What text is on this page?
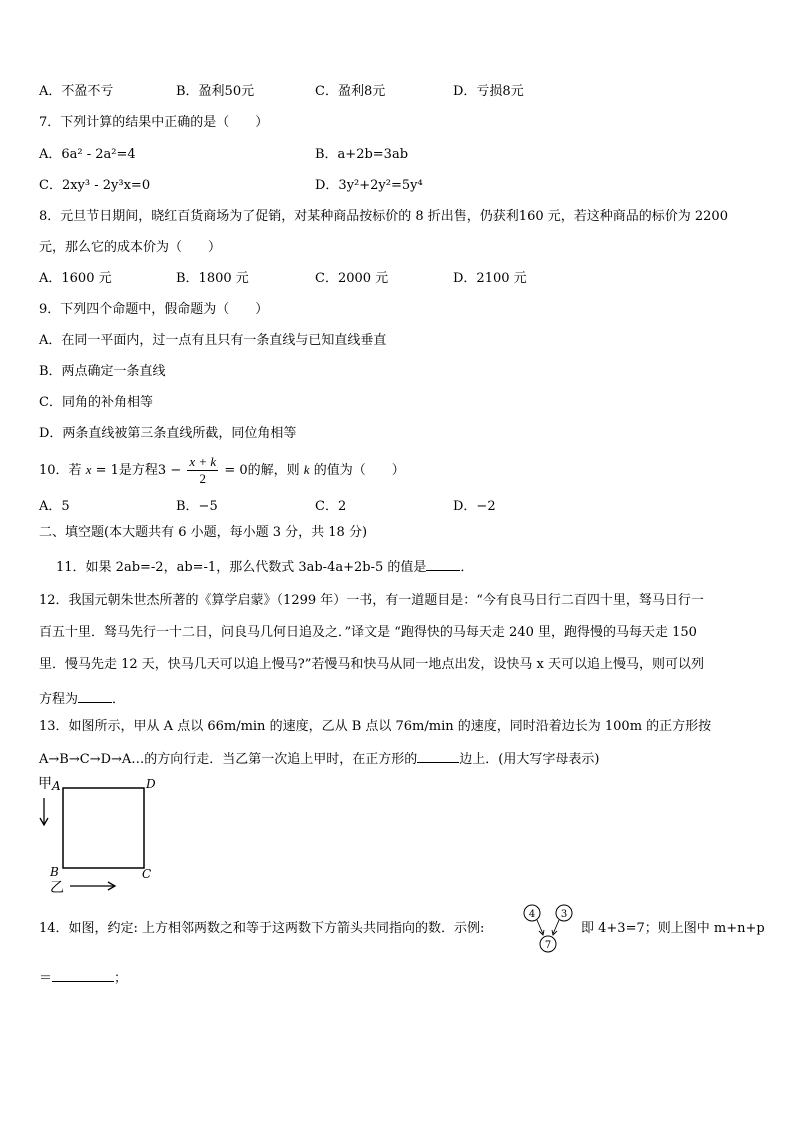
A．不盈不亏	B．盈利50元	C．盈利8元	D．亏损8元
7．下列计算的结果中正确的是（　　）
A．6a² - 2a²=4	B．a+2b=3ab
C．2xy³ - 2y³x=0	D．3y²+2y²=5y⁴
8．元旦节日期间，晓红百货商场为了促销，对某种商品按标价的 8 折出售，仍获利160 元，若这种商品的标价为 2200
元，那么它的成本价为（　　）
A．1600 元	B．1800 元	C．2000 元	D．2100 元
9．下列四个命题中，假命题为（　　）
A．在同一平面内，过一点有且只有一条直线与已知直线垂直
B．两点确定一条直线
C．同角的补角相等
D．两条直线被第三条直线所截，同位角相等
10．若 x = 1是方程$3 - \frac{x + k}{2} = 0$的解，则 k 的值为（　　）
A．5	B．−5	C．2	D．−2
二、填空题(本大题共有 6 小题，每小题 3 分，共 18 分)
11．如果 2ab=-2，ab=-1，那么代数式 3ab-4a+2b-5 的值是	．
12．我国元朝朱世杰所著的《算学启蒙》（1299 年）一书，有一道题目是：“今有良马日行二百四十里，驽马日行一
百五十里．驽马先行一十二日，问良马几何日追及之．”译文是 “跑得快的马每天走 240 里，跑得慢的马每天走 150
里．慢马先走 12 天，快马几天可以追上慢马?”若慢马和快马从同一地点出发，设快马 x 天可以追上慢马，则可以列
方程为	．
13．如图所示，甲从 A 点以 66m/min 的速度，乙从 B 点以 76m/min 的速度，同时沿着边长为 100m 的正方形按
A→B→C→D→A…的方向行走．当乙第一次追上甲时，在正方形的	边上．(用大写字母表示)
甲 A	D
B	C
乙
14．如图，约定: 上方相邻两数之和等于这两数下方箭头共同指向的数．示例:
4	3
7
即 4+3=7；则上图中 m+n+p
＝	；
